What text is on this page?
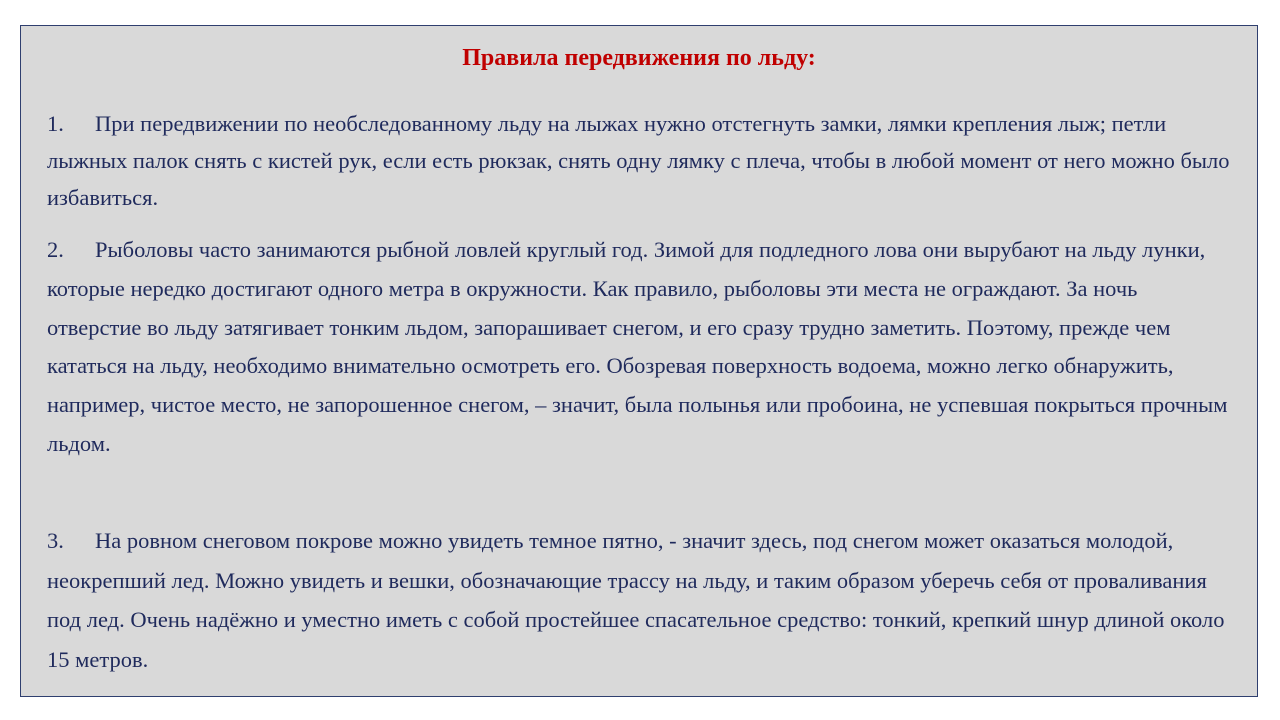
Правила передвижения по льду:

1. При передвижении по необследованному льду на лыжах нужно отстегнуть замки, лямки крепления лыж; петли лыжных палок снять с кистей рук, если есть рюкзак, снять одну лямку с плеча, чтобы в любой момент от него можно было избавиться.

2. Рыболовы часто занимаются рыбной ловлей круглый год. Зимой для подледного лова они вырубают на льду лунки, которые нередко достигают одного метра в окружности. Как правило, рыболовы эти места не ограждают. За ночь отверстие во льду затягивает тонким льдом, запорашивает снегом, и его сразу трудно заметить. Поэтому, прежде чем кататься на льду, необходимо внимательно осмотреть его. Обозревая поверхность водоема, можно легко обнаружить, например, чистое место, не запорошенное снегом, – значит, была полынья или пробоина, не успевшая покрыться прочным льдом.

3. На ровном снеговом покрове можно увидеть темное пятно, - значит здесь, под снегом может оказаться молодой, неокрепший лед. Можно увидеть и вешки, обозначающие трассу на льду, и таким образом уберечь себя от проваливания под лед. Очень надёжно и уместно иметь с собой простейшее спасательное средство: тонкий, крепкий шнур длиной около 15 метров.
